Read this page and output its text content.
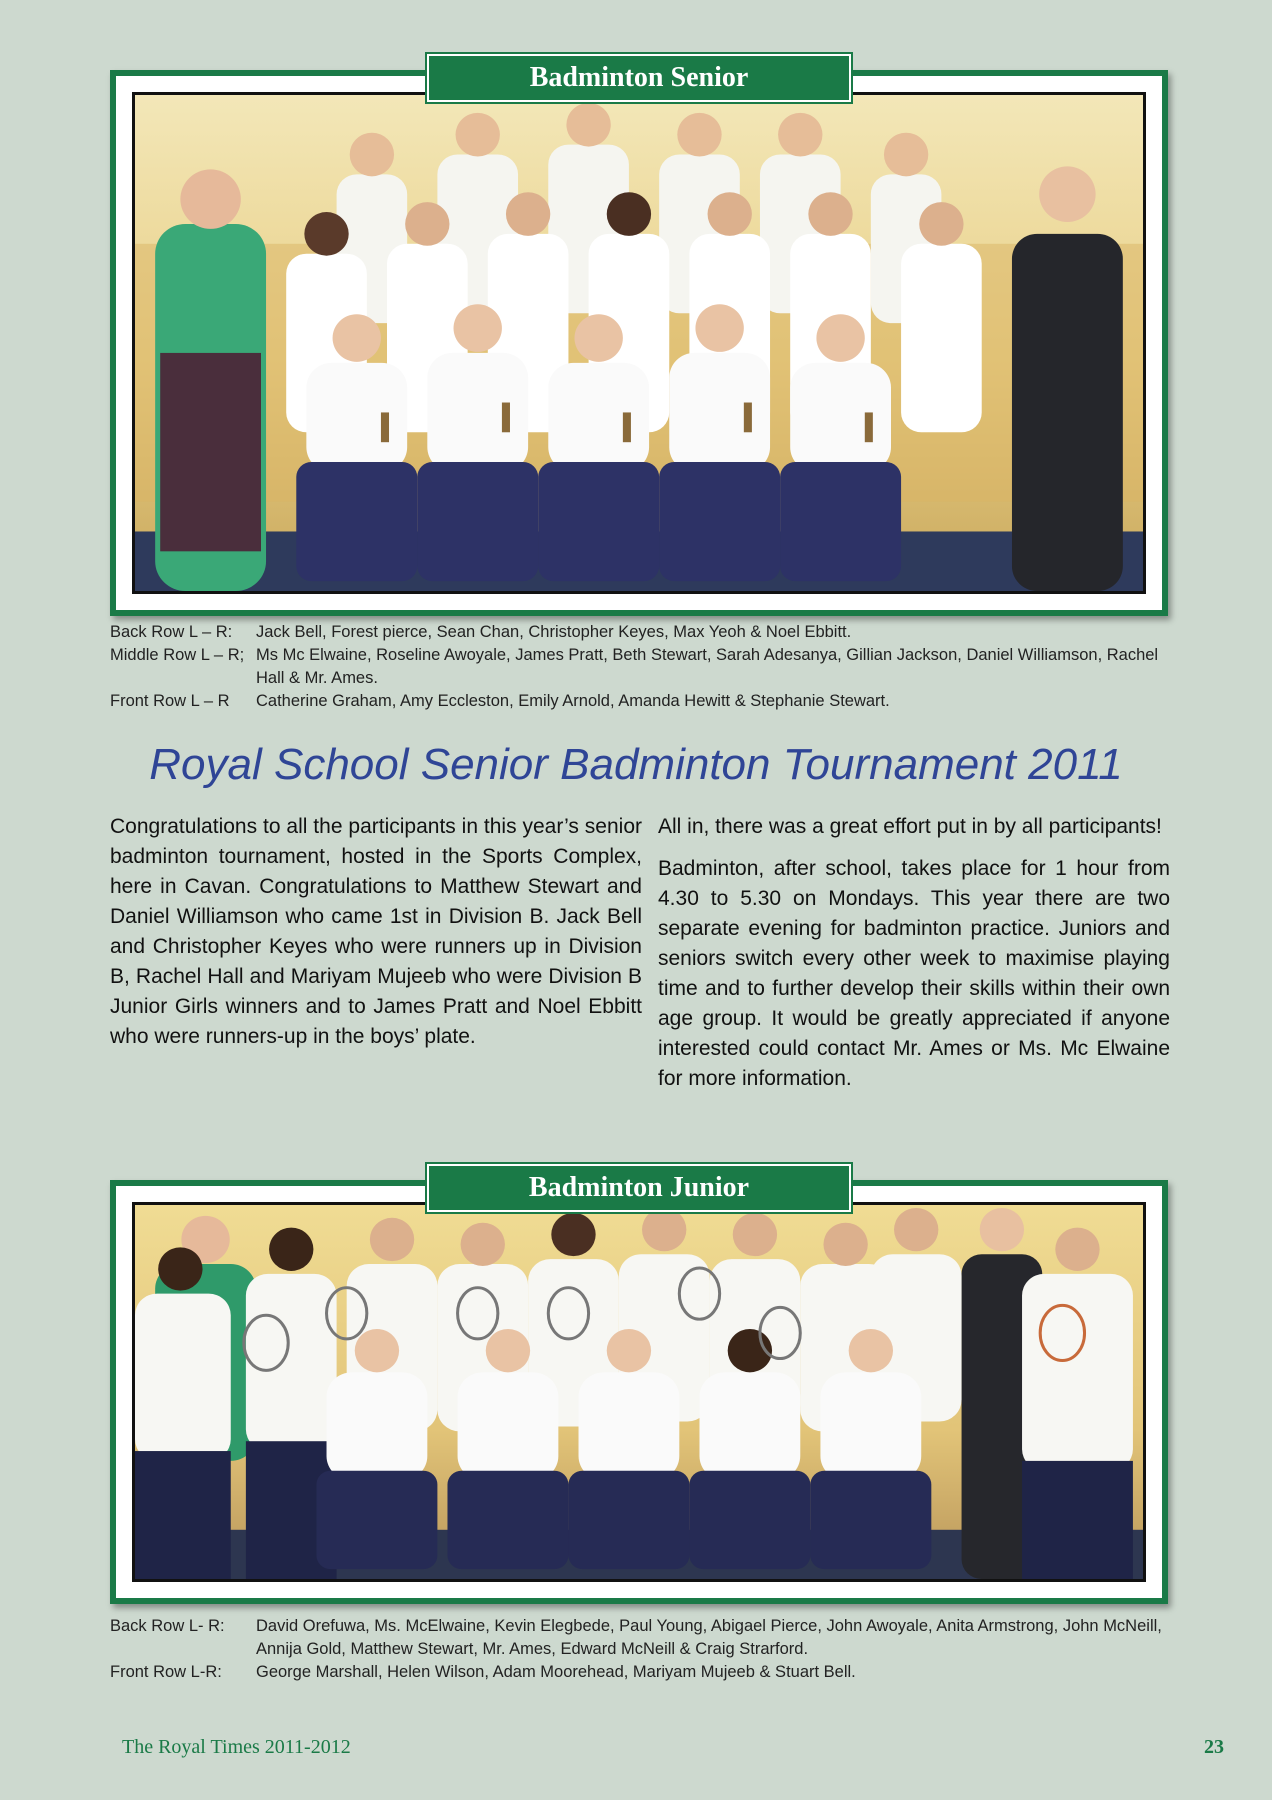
Badminton Senior
Back Row L – R:	Jack Bell, Forest pierce, Sean Chan, Christopher Keyes, Max Yeoh & Noel Ebbitt.
Middle Row L – R; Ms Mc Elwaine, Roseline Awoyale, James Pratt, Beth Stewart, Sarah Adesanya, Gillian Jackson, Daniel Williamson, Rachel Hall & Mr. Ames.
Front Row L – R	Catherine Graham, Amy Eccleston, Emily Arnold, Amanda Hewitt & Stephanie Stewart.
Royal School Senior Badminton Tournament 2011

Congratulations to all the participants in this year’s senior badminton tournament, hosted in the Sports Complex, here in Cavan. Congratulations to Matthew Stewart and Daniel Williamson who came 1st in Division B. Jack Bell and Christopher Keyes who were runners up in Division B, Rachel Hall and Mariyam Mujeeb who were Division B Junior Girls winners and to James Pratt and Noel Ebbitt who were runners-up in the boys’ plate.

All in, there was a great effort put in by all participants!

Badminton, after school, takes place for 1 hour from 4.30 to 5.30 on Mondays. This year there are two separate evening for badminton practice. Juniors and seniors switch every other week to maximise playing time and to further develop their skills within their own age group. It would be greatly appreciated if anyone interested could contact Mr. Ames or Ms. Mc Elwaine for more information.

Badminton Junior
Back Row L- R:	David Orefuwa, Ms. McElwaine, Kevin Elegbede, Paul Young, Abigael Pierce, John Awoyale, Anita Armstrong, John McNeill, Annija Gold, Matthew Stewart, Mr. Ames, Edward McNeill & Craig Strarford.
Front Row L-R:	George Marshall, Helen Wilson, Adam Moorehead, Mariyam Mujeeb & Stuart Bell.
The Royal Times 2011-2012	23
